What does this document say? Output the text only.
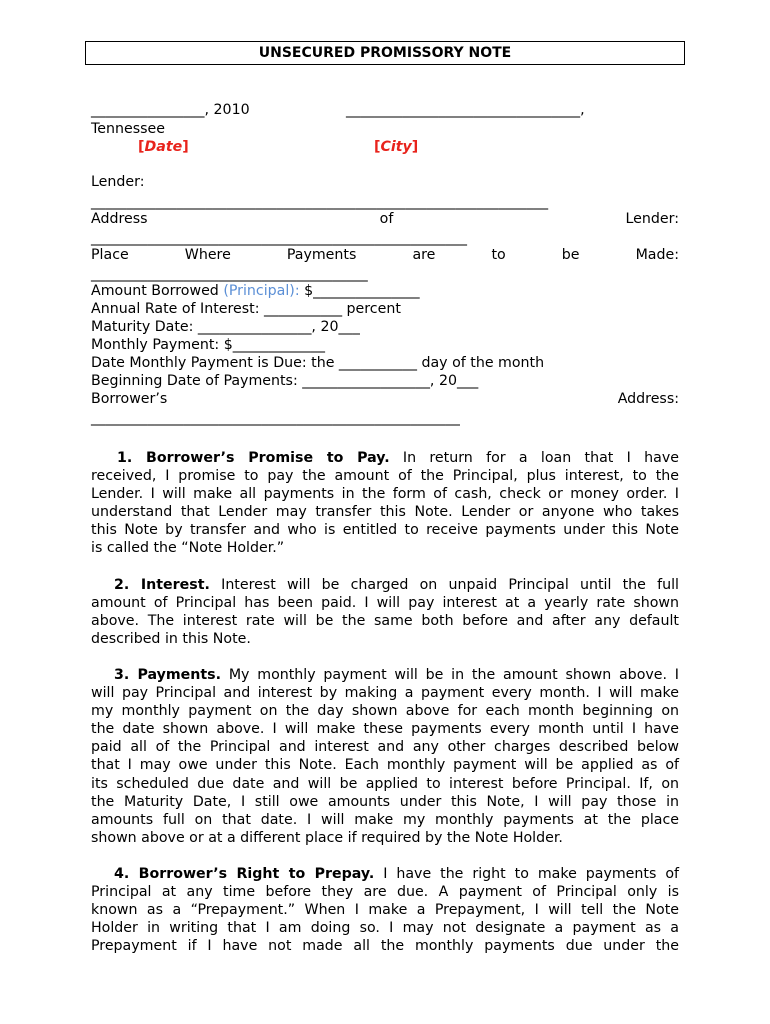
UNSECURED PROMISSORY NOTE
________________, 2010	_________________________________,
Tennessee
[Date]	[City]
Lender:
________________________________________________________________
Address	of	Lender:
_____________________________________________________
Place	Where	Payments	are	to	be	Made:
_______________________________________
Amount Borrowed (Principal): $_______________
Annual Rate of Interest: ___________ percent
Maturity Date: ________________, 20___
Monthly Payment: $_____________
Date Monthly Payment is Due: the ___________ day of the month
Beginning Date of Payments: __________________, 20___
Borrower’s	Address:
____________________________________________________
1. Borrower’s Promise to Pay. In return for a loan that I have
received, I promise to pay the amount of the Principal, plus interest, to the
Lender. I will make all payments in the form of cash, check or money order. I
understand that Lender may transfer this Note. Lender or anyone who takes
this Note by transfer and who is entitled to receive payments under this Note
is called the “Note Holder.”
2. Interest. Interest will be charged on unpaid Principal until the full
amount of Principal has been paid. I will pay interest at a yearly rate shown
above. The interest rate will be the same both before and after any default
described in this Note.
3. Payments. My monthly payment will be in the amount shown above. I
will pay Principal and interest by making a payment every month. I will make
my monthly payment on the day shown above for each month beginning on
the date shown above. I will make these payments every month until I have
paid all of the Principal and interest and any other charges described below
that I may owe under this Note. Each monthly payment will be applied as of
its scheduled due date and will be applied to interest before Principal. If, on
the Maturity Date, I still owe amounts under this Note, I will pay those in
amounts full on that date. I will make my monthly payments at the place
shown above or at a different place if required by the Note Holder.
4. Borrower’s Right to Prepay. I have the right to make payments of
Principal at any time before they are due. A payment of Principal only is
known as a “Prepayment.” When I make a Prepayment, I will tell the Note
Holder in writing that I am doing so. I may not designate a payment as a
Prepayment if I have not made all the monthly payments due under the
